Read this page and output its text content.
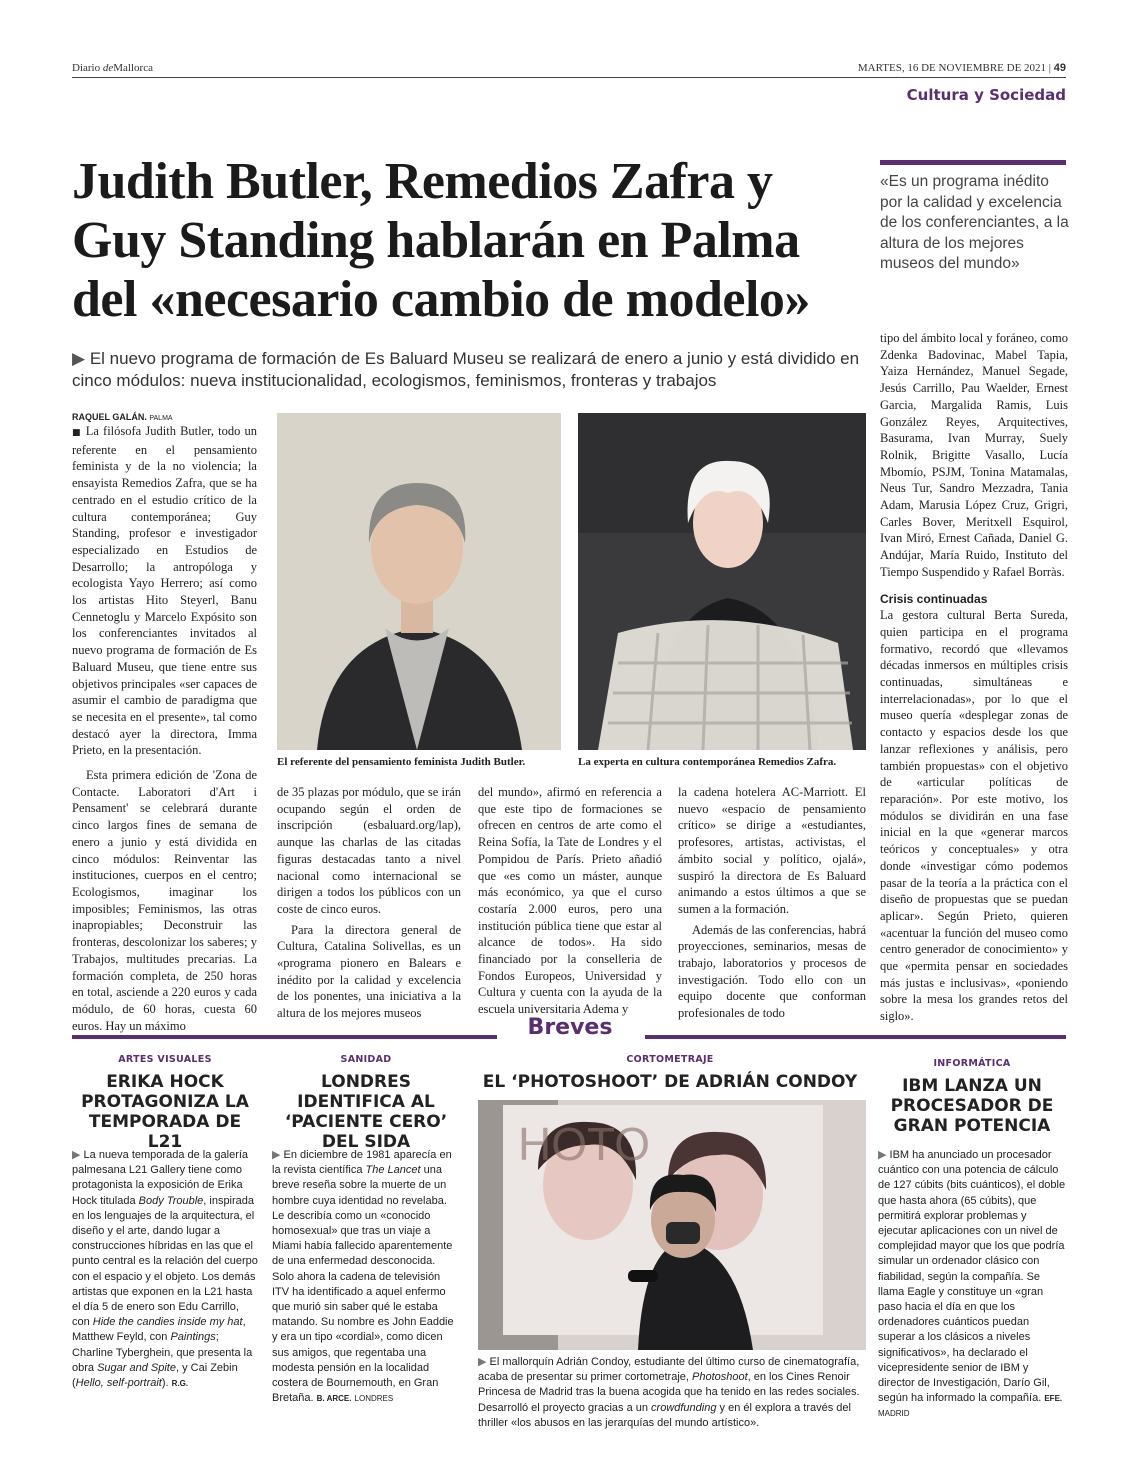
Diario deMallorca	MARTES, 16 DE NOVIEMBRE DE 2021 | 49
Cultura y Sociedad
Judith Butler, Remedios Zafra y Guy Standing hablarán en Palma del «necesario cambio de modelo»
▶ El nuevo programa de formación de Es Baluard Museu se realizará de enero a junio y está dividido en cinco módulos: nueva institucionalidad, ecologismos, feminismos, fronteras y trabajos
«Es un programa inédito por la calidad y excelencia de los conferenciantes, a la altura de los mejores museos del mundo»
RAQUEL GALÁN. PALMA

■ La filósofa Judith Butler, todo un referente en el pensamiento feminista y de la no violencia; la ensayista Remedios Zafra, que se ha centrado en el estudio crítico de la cultura contemporánea; Guy Standing, profesor e investigador especializado en Estudios de Desarrollo; la antropóloga y ecologista Yayo Herrero; así como los artistas Hito Steyerl, Banu Cennetoglu y Marcelo Expósito son los conferenciantes invitados al nuevo programa de formación de Es Baluard Museu, que tiene entre sus objetivos principales «ser capaces de asumir el cambio de paradigma que se necesita en el presente», tal como destacó ayer la directora, Imma Prieto, en la presentación.

Esta primera edición de 'Zona de Contacte. Laboratori d'Art i Pensament' se celebrará durante cinco largos fines de semana de enero a junio y está dividida en cinco módulos: Reinventar las instituciones, cuerpos en el centro; Ecologismos, imaginar los imposibles; Feminismos, las otras inapropiables; Deconstruir las fronteras, descolonizar los saberes; y Trabajos, multitudes precarias. La formación completa, de 250 horas en total, asciende a 220 euros y cada módulo, de 60 horas, cuesta 60 euros. Hay un máximo

El referente del pensamiento feminista Judith Butler.	La experta en cultura contemporánea Remedios Zafra.

de 35 plazas por módulo, que se irán ocupando según el orden de inscripción (esbaluard.org/lap), aunque las charlas de las citadas figuras destacadas tanto a nivel nacional como internacional se dirigen a todos los públicos con un coste de cinco euros.

Para la directora general de Cultura, Catalina Solivellas, es un «programa pionero en Balears e inédito por la calidad y excelencia de los ponentes, una iniciativa a la altura de los mejores museos

del mundo», afirmó en referencia a que este tipo de formaciones se ofrecen en centros de arte como el Reina Sofía, la Tate de Londres y el Pompidou de París. Prieto añadió que «es como un máster, aunque más económico, ya que el curso costaría 2.000 euros, pero una institución pública tiene que estar al alcance de todos». Ha sido financiado por la conselleria de Fondos Europeos, Universidad y Cultura y cuenta con la ayuda de la escuela universitaria Adema y

la cadena hotelera AC-Marriott. El nuevo «espacio de pensamiento crítico» se dirige a «estudiantes, profesores, artistas, activistas, el ámbito social y político, ojalá», suspiró la directora de Es Baluard animando a estos últimos a que se sumen a la formación.

Además de las conferencias, habrá proyecciones, seminarios, mesas de trabajo, laboratorios y procesos de investigación. Todo ello con un equipo docente que conforman profesionales de todo

tipo del ámbito local y foráneo, como Zdenka Badovinac, Mabel Tapia, Yaiza Hernández, Manuel Segade, Jesús Carrillo, Pau Waelder, Ernest Garcia, Margalida Ramis, Luis González Reyes, Arquitectives, Basurama, Ivan Murray, Suely Rolnik, Brigitte Vasallo, Lucía Mbomío, PSJM, Tonina Matamalas, Neus Tur, Sandro Mezzadra, Tania Adam, Marusia López Cruz, Grigri, Carles Bover, Meritxell Esquirol, Ivan Miró, Ernest Cañada, Daniel G. Andújar, María Ruido, Instituto del Tiempo Suspendido y Rafael Borràs.

Crisis continuadas

La gestora cultural Berta Sureda, quien participa en el programa formativo, recordó que «llevamos décadas inmersos en múltiples crisis continuadas, simultáneas e interrelacionadas», por lo que el museo quería «desplegar zonas de contacto y espacios desde los que lanzar reflexiones y análisis, pero también propuestas» con el objetivo de «articular políticas de reparación». Por este motivo, los módulos se dividirán en una fase inicial en la que «generar marcos teóricos y conceptuales» y otra donde «investigar cómo podemos pasar de la teoría a la práctica con el diseño de propuestas que se puedan aplicar». Según Prieto, quieren «acentuar la función del museo como centro generador de conocimiento» y que «permita pensar en sociedades más justas e inclusivas», «poniendo sobre la mesa los grandes retos del siglo».

Breves
ARTES VISUALES
ERIKA HOCK PROTAGONIZA LA TEMPORADA DE L21
▶ La nueva temporada de la galería palmesana L21 Gallery tiene como protagonista la exposición de Erika Hock titulada Body Trouble, inspirada en los lenguajes de la arquitectura, el diseño y el arte, dando lugar a construcciones híbridas en las que el punto central es la relación del cuerpo con el espacio y el objeto. Los demás artistas que exponen en la L21 hasta el día 5 de enero son Edu Carrillo, con Hide the candies inside my hat, Matthew Feyld, con Paintings; Charline Tyberghein, que presenta la obra Sugar and Spite, y Cai Zebin (Hello, self-portrait). R.G.
SANIDAD
LONDRES IDENTIFICA AL ‘PACIENTE CERO’ DEL SIDA
▶ En diciembre de 1981 aparecía en la revista científica The Lancet una breve reseña sobre la muerte de un hombre cuya identidad no revelaba. Le describía como un «conocido homosexual» que tras un viaje a Miami había fallecido aparentemente de una enfermedad desconocida. Solo ahora la cadena de televisión ITV ha identificado a aquel enfermo que murió sin saber qué le estaba matando. Su nombre es John Eaddie y era un tipo «cordial», como dicen sus amigos, que regentaba una modesta pensión en la localidad costera de Bournemouth, en Gran Bretaña. B. ARCE. LONDRES
CORTOMETRAJE
EL ‘PHOTOSHOOT’ DE ADRIÁN CONDOY
HOTO
▶ El mallorquín Adrián Condoy, estudiante del último curso de cinematografía, acaba de presentar su primer cortometraje, Photoshoot, en los Cines Renoir Princesa de Madrid tras la buena acogida que ha tenido en las redes sociales. Desarrolló el proyecto gracias a un crowdfunding y en él explora a través del thriller «los abusos en las jerarquías del mundo artístico».
INFORMÁTICA
IBM LANZA UN PROCESADOR DE GRAN POTENCIA
▶ IBM ha anunciado un procesador cuántico con una potencia de cálculo de 127 cúbits (bits cuánticos), el doble que hasta ahora (65 cúbits), que permitirá explorar problemas y ejecutar aplicaciones con un nivel de complejidad mayor que los que podría simular un ordenador clásico con fiabilidad, según la compañía. Se llama Eagle y constituye un «gran paso hacia el día en que los ordenadores cuánticos puedan superar a los clásicos a niveles significativos», ha declarado el vicepresidente senior de IBM y director de Investigación, Darío Gil, según ha informado la compañía. EFE. MADRID
